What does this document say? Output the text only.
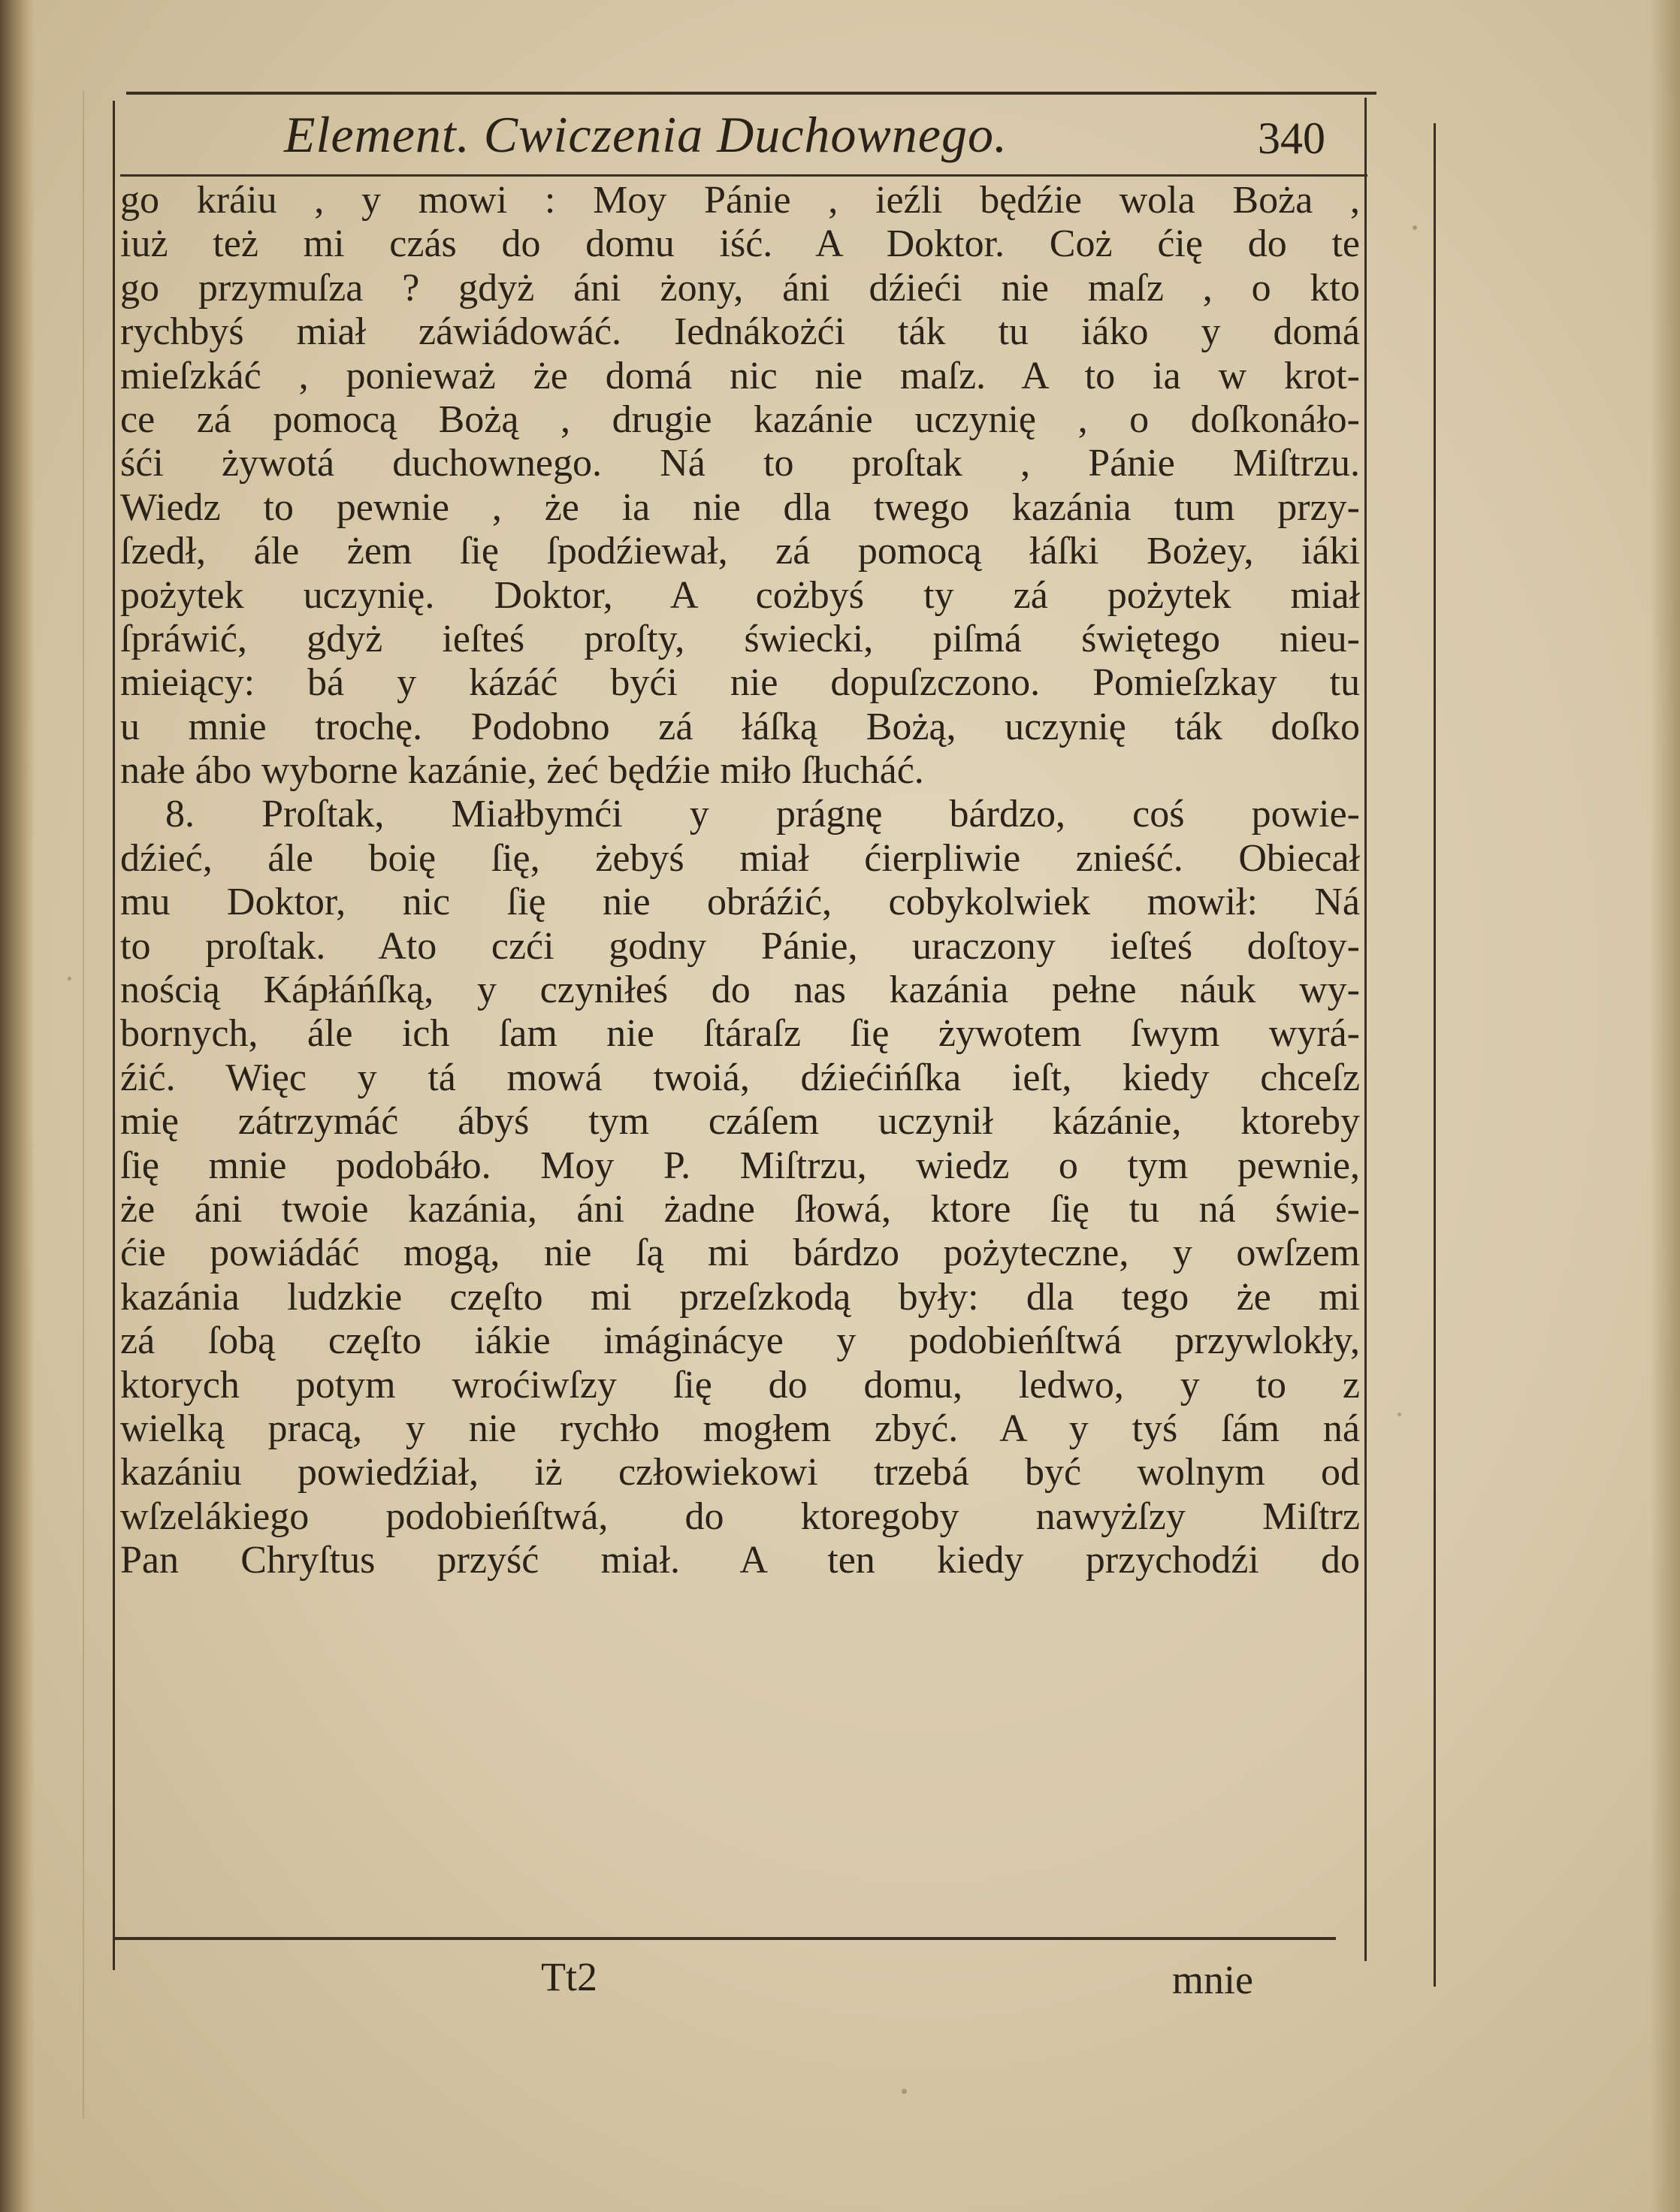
Element. Cwiczenia Duchownego.	340
go kráiu , y mowi : Moy Pánie , ieźli będźie wola Boża ,
iuż też mi czás do domu iść. A Doktor. Coż ćię do te
go przymuſza ? gdyż áni żony, áni dźieći nie maſz , o kto
rychbyś miał záwiádowáć. Iednákożći ták tu iáko y domá
mieſzkáć , ponieważ że domá nic nie maſz. A to ia w krot-
ce zá pomocą Bożą , drugie kazánie uczynię , o doſkonáło-
śći żywotá duchownego. Ná to proſtak , Pánie Miſtrzu.
Wiedz to pewnie , że ia nie dla twego kazánia tum przy-
ſzedł, ále żem ſię ſpodźiewał, zá pomocą łáſki Bożey, iáki
pożytek uczynię. Doktor, A cożbyś ty zá pożytek miał
ſpráwić, gdyż ieſteś proſty, świecki, piſmá świętego nieu-
mieiący: bá y kázáć byći nie dopuſzczono. Pomieſzkay tu
u mnie trochę. Podobno zá łáſką Bożą, uczynię ták doſko
nałe ábo wyborne kazánie, żeć będźie miło ſłucháć.
8. Proſtak, Miałbymći y prágnę bárdzo, coś powie-
dźieć, ále boię ſię, żebyś miał ćierpliwie znieść. Obiecał
mu Doktor, nic ſię nie obráźić, cobykolwiek mowił: Ná
to proſtak. Ato czći godny Pánie, uraczony ieſteś doſtoy-
nością Kápłáńſką, y czyniłeś do nas kazánia pełne náuk wy-
bornych, ále ich ſam nie ſtáraſz ſię żywotem ſwym wyrá-
źić. Więc y tá mowá twoiá, dźiećińſka ieſt, kiedy chceſz
mię zátrzymáć ábyś tym czáſem uczynił kázánie, ktoreby
ſię mnie podobáło. Moy P. Miſtrzu, wiedz o tym pewnie,
że áni twoie kazánia, áni żadne ſłowá, ktore ſię tu ná świe-
ćie powiádáć mogą, nie ſą mi bárdzo pożyteczne, y owſzem
kazánia ludzkie częſto mi przeſzkodą były: dla tego że mi
zá ſobą częſto iákie imáginácye y podobieńſtwá przywlokły,
ktorych potym wroćiwſzy ſię do domu, ledwo, y to z
wielką pracą, y nie rychło mogłem zbyć. A y tyś ſám ná
kazániu powiedźiał, iż człowiekowi trzebá być wolnym od
wſzelákiego podobieńſtwá, do ktoregoby nawyżſzy Miſtrz
Pan Chryſtus przyść miał. A ten kiedy przychodźi do
Tt2	mnie
